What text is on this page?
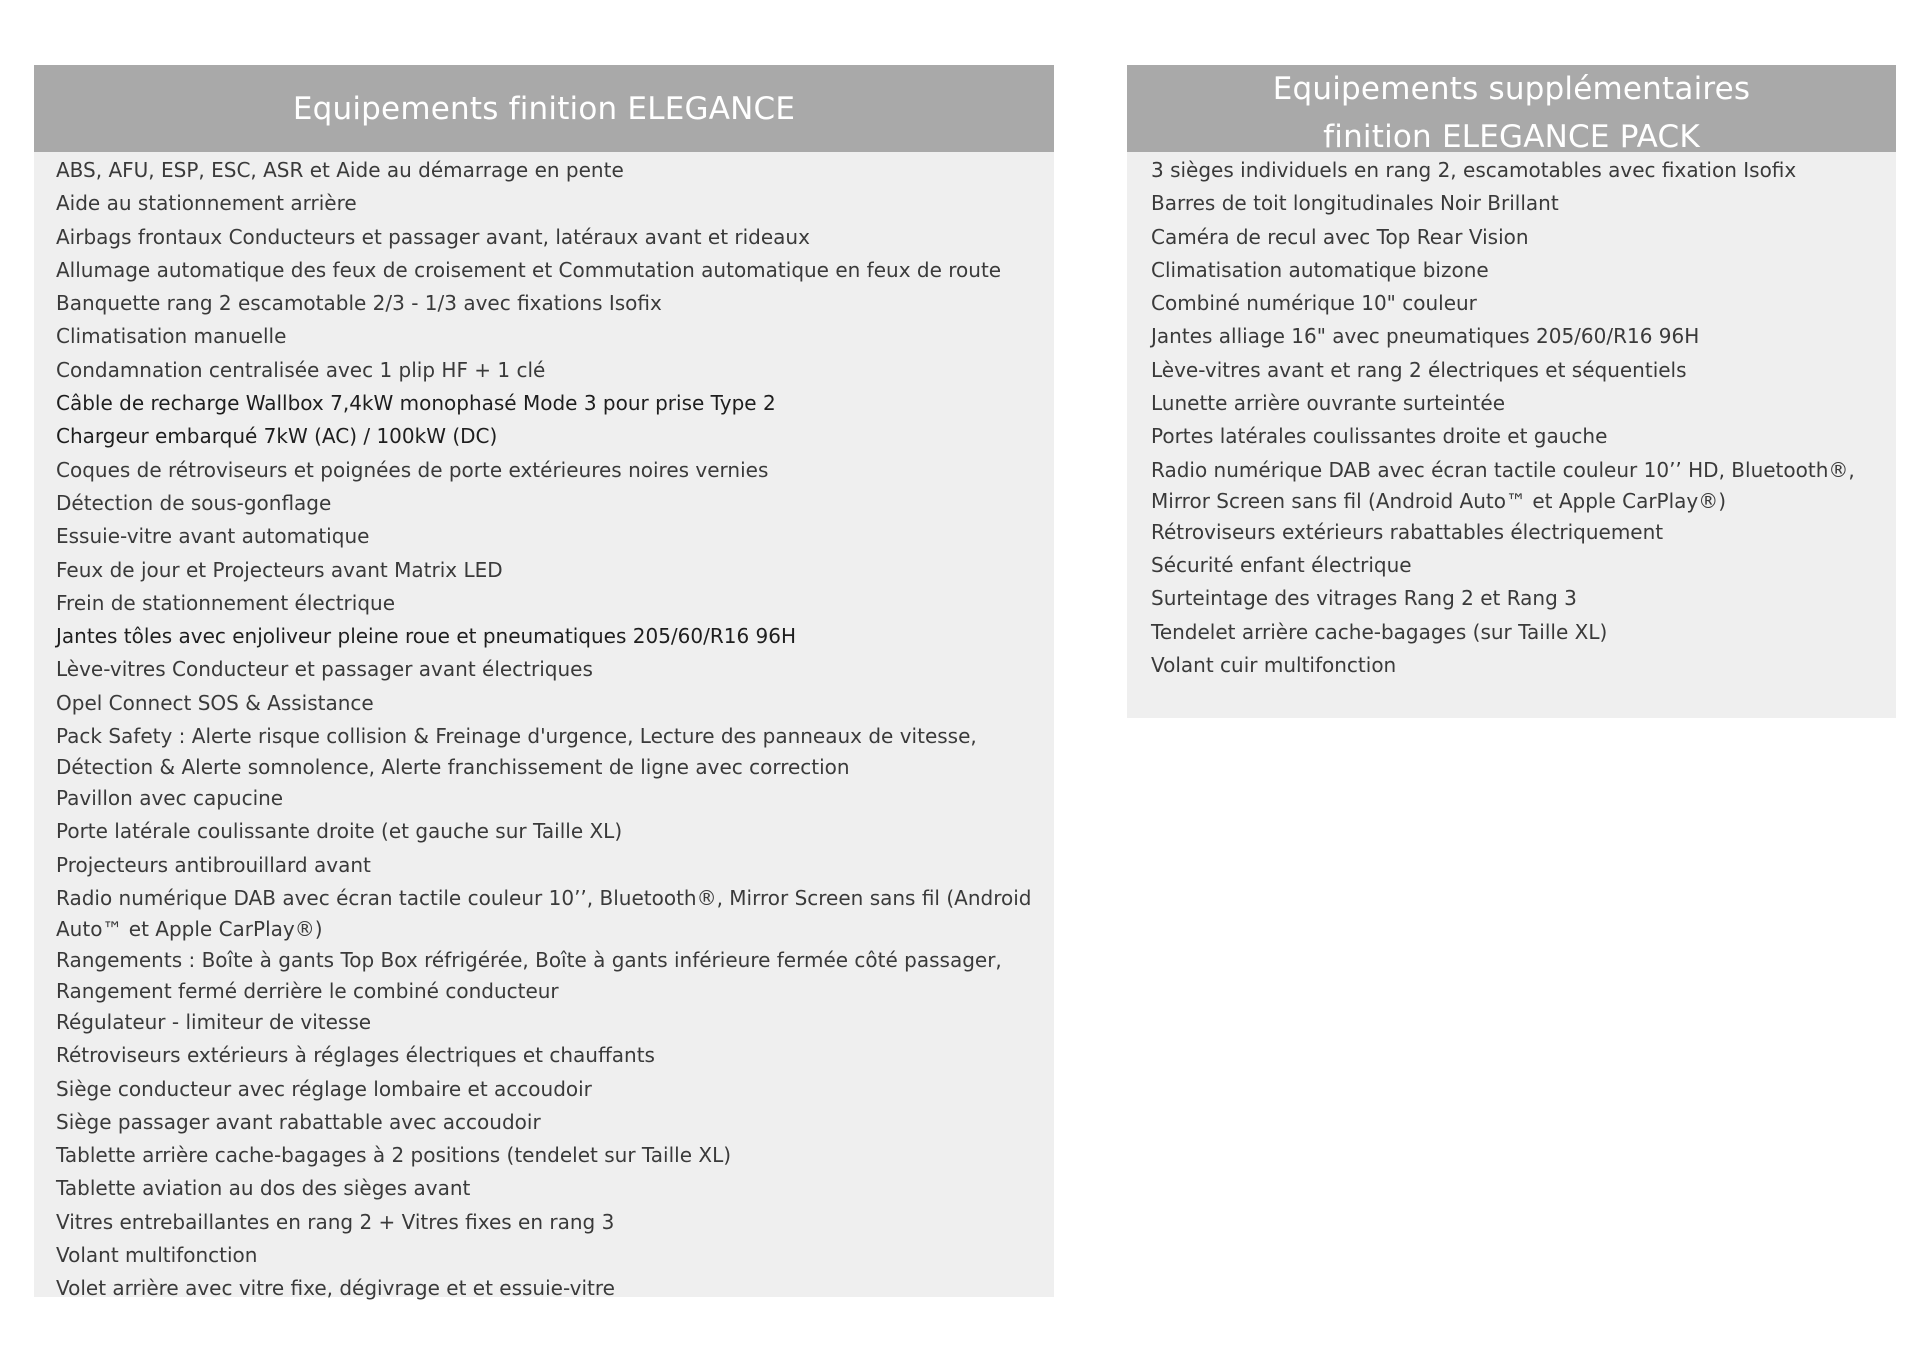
Equipements finition ELEGANCE
ABS, AFU, ESP, ESC, ASR et Aide au démarrage en pente
Aide au stationnement arrière
Airbags frontaux Conducteurs et passager avant, latéraux avant et rideaux
Allumage automatique des feux de croisement et Commutation automatique en feux de route
Banquette rang 2 escamotable 2/3 - 1/3 avec fixations Isofix
Climatisation manuelle
Condamnation centralisée avec 1 plip HF + 1 clé
Câble de recharge Wallbox 7,4kW monophasé Mode 3 pour prise Type 2
Chargeur embarqué 7kW (AC) / 100kW (DC)
Coques de rétroviseurs et poignées de porte extérieures noires vernies
Détection de sous-gonflage
Essuie-vitre avant automatique
Feux de jour et Projecteurs avant Matrix LED
Frein de stationnement électrique
Jantes tôles avec enjoliveur pleine roue et pneumatiques 205/60/R16 96H
Lève-vitres Conducteur et passager avant électriques
Opel Connect SOS & Assistance
Pack Safety : Alerte risque collision & Freinage d'urgence, Lecture des panneaux de vitesse, Détection & Alerte somnolence, Alerte franchissement de ligne avec correction
Pavillon avec capucine
Porte latérale coulissante droite (et gauche sur Taille XL)
Projecteurs antibrouillard avant
Radio numérique DAB avec écran tactile couleur 10’’, Bluetooth®, Mirror Screen sans fil (Android Auto™ et Apple CarPlay®)
Rangements : Boîte à gants Top Box réfrigérée, Boîte à gants inférieure fermée côté passager, Rangement fermé derrière le combiné conducteur
Régulateur - limiteur de vitesse
Rétroviseurs extérieurs à réglages électriques et chauffants
Siège conducteur avec réglage lombaire et accoudoir
Siège passager avant rabattable avec accoudoir
Tablette arrière cache-bagages à 2 positions (tendelet sur Taille XL)
Tablette aviation au dos des sièges avant
Vitres entrebaillantes en rang 2 + Vitres fixes en rang 3
Volant multifonction
Volet arrière avec vitre fixe, dégivrage et et essuie-vitre
Equipements supplémentaires
finition ELEGANCE PACK
3 sièges individuels en rang 2, escamotables avec fixation Isofix
Barres de toit longitudinales Noir Brillant
Caméra de recul avec Top Rear Vision
Climatisation automatique bizone
Combiné numérique 10" couleur
Jantes alliage 16" avec pneumatiques 205/60/R16 96H
Lève-vitres avant et rang 2 électriques et séquentiels
Lunette arrière ouvrante surteintée
Portes latérales coulissantes droite et gauche
Radio numérique DAB avec écran tactile couleur 10’’ HD, Bluetooth®, Mirror Screen sans fil (Android Auto™ et Apple CarPlay®)
Rétroviseurs extérieurs rabattables électriquement
Sécurité enfant électrique
Surteintage des vitrages Rang 2 et Rang 3
Tendelet arrière cache-bagages (sur Taille XL)
Volant cuir multifonction
